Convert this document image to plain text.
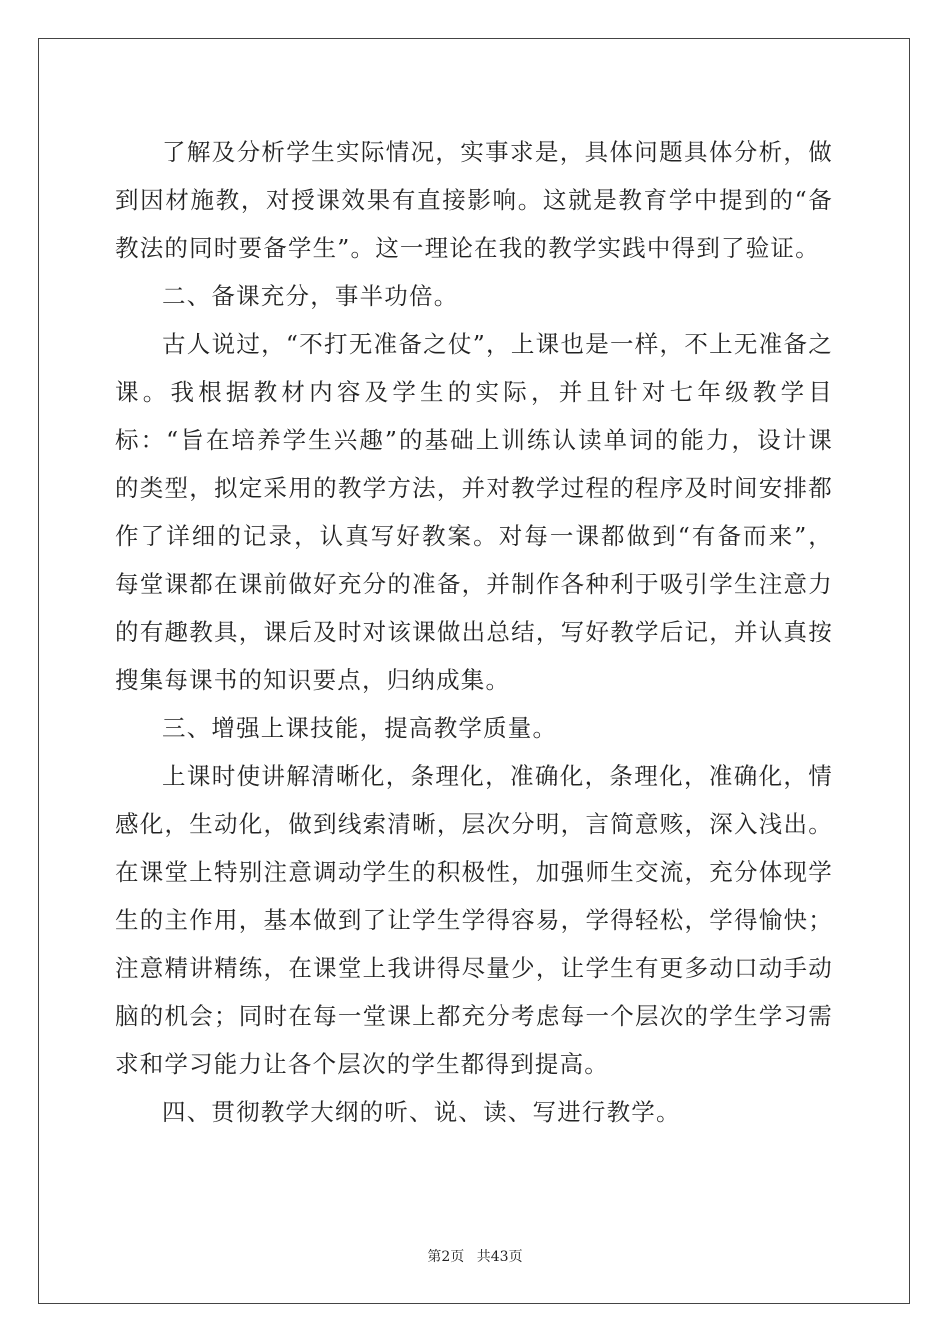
了解及分析学生实际情况，实事求是，具体问题具体分析，做到因材施教，对授课效果有直接影响。这就是教育学中提到的“备教法的同时要备学生”。这一理论在我的教学实践中得到了验证。

二、备课充分，事半功倍。

古人说过，“不打无准备之仗”，上课也是一样，不上无准备之课。我根据教材内容及学生的实际，并且针对七年级教学目标：“旨在培养学生兴趣”的基础上训练认读单词的能力，设计课的类型，拟定采用的教学方法，并对教学过程的程序及时间安排都作了详细的记录，认真写好教案。对每一课都做到“有备而来”，每堂课都在课前做好充分的准备，并制作各种利于吸引学生注意力的有趣教具，课后及时对该课做出总结，写好教学后记，并认真按搜集每课书的知识要点，归纳成集。

三、增强上课技能，提高教学质量。

上课时使讲解清晰化，条理化，准确化，条理化，准确化，情感化，生动化，做到线索清晰，层次分明，言简意赅，深入浅出。在课堂上特别注意调动学生的积极性，加强师生交流，充分体现学生的主作用，基本做到了让学生学得容易，学得轻松，学得愉快；注意精讲精练，在课堂上我讲得尽量少，让学生有更多动口动手动脑的机会；同时在每一堂课上都充分考虑每一个层次的学生学习需求和学习能力让各个层次的学生都得到提高。

四、贯彻教学大纲的听、说、读、写进行教学。

第2页 共43页
